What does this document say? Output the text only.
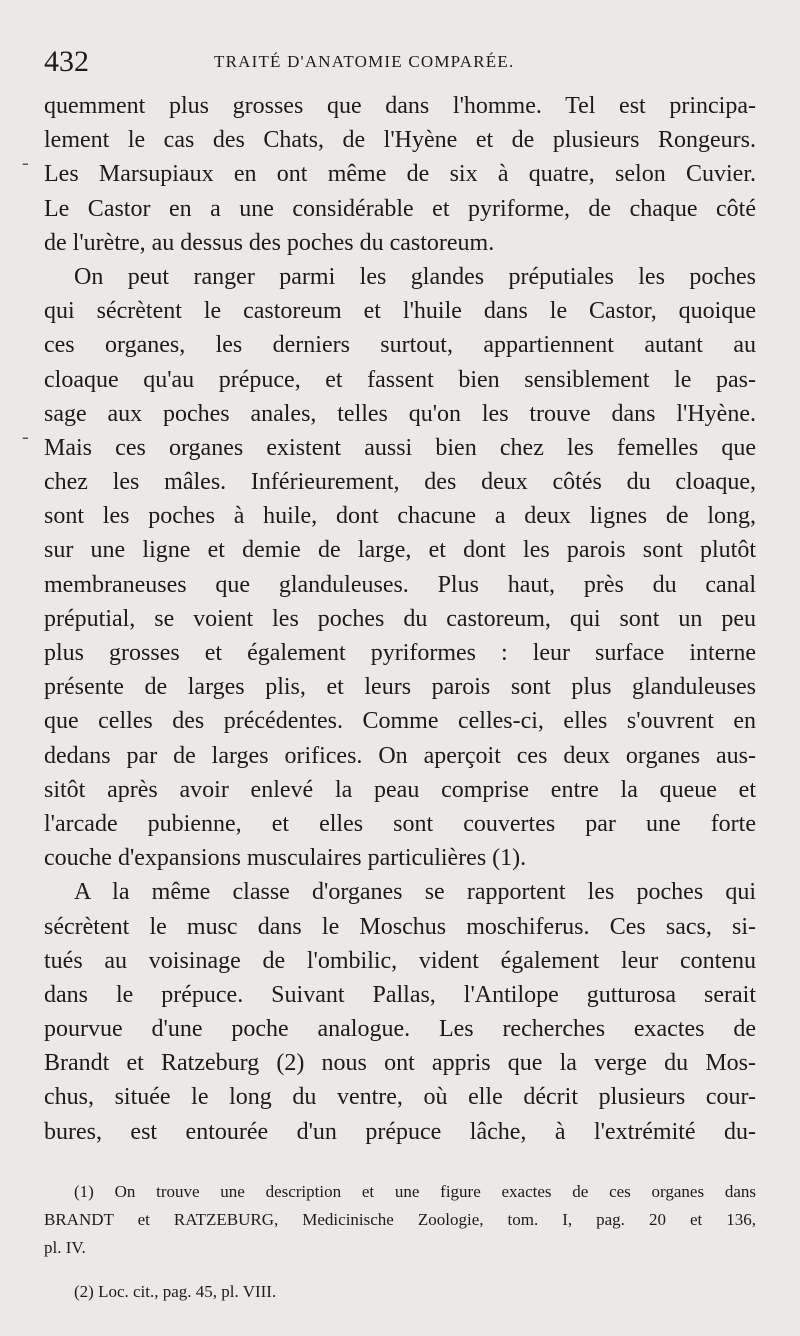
432	TRAITÉ D'ANATOMIE COMPARÉE.
-
-
quemment plus grosses que dans l'homme. Tel est principa-
lement le cas des Chats, de l'Hyène et de plusieurs Rongeurs.
Les Marsupiaux en ont même de six à quatre, selon Cuvier.
Le Castor en a une considérable et pyriforme, de chaque côté
de l'urètre, au dessus des poches du castoreum.
On peut ranger parmi les glandes préputiales les poches
qui sécrètent le castoreum et l'huile dans le Castor, quoique
ces organes, les derniers surtout, appartiennent autant au
cloaque qu'au prépuce, et fassent bien sensiblement le pas-
sage aux poches anales, telles qu'on les trouve dans l'Hyène.
Mais ces organes existent aussi bien chez les femelles que
chez les mâles. Inférieurement, des deux côtés du cloaque,
sont les poches à huile, dont chacune a deux lignes de long,
sur une ligne et demie de large, et dont les parois sont plutôt
membraneuses que glanduleuses. Plus haut, près du canal
préputial, se voient les poches du castoreum, qui sont un peu
plus grosses et également pyriformes : leur surface interne
présente de larges plis, et leurs parois sont plus glanduleuses
que celles des précédentes. Comme celles-ci, elles s'ouvrent en
dedans par de larges orifices. On aperçoit ces deux organes aus-
sitôt après avoir enlevé la peau comprise entre la queue et
l'arcade pubienne, et elles sont couvertes par une forte
couche d'expansions musculaires particulières (1).
A la même classe d'organes se rapportent les poches qui
sécrètent le musc dans le Moschus moschiferus. Ces sacs, si-
tués au voisinage de l'ombilic, vident également leur contenu
dans le prépuce. Suivant Pallas, l'Antilope gutturosa serait
pourvue d'une poche analogue. Les recherches exactes de
Brandt et Ratzeburg (2) nous ont appris que la verge du Mos-
chus, située le long du ventre, où elle décrit plusieurs cour-
bures, est entourée d'un prépuce lâche, à l'extrémité du-
(1) On trouve une description et une figure exactes de ces organes dans
BRANDT et RATZEBURG, Medicinische Zoologie, tom. I, pag. 20 et 136,
pl. IV.
(2) Loc. cit., pag. 45, pl. VIII.
